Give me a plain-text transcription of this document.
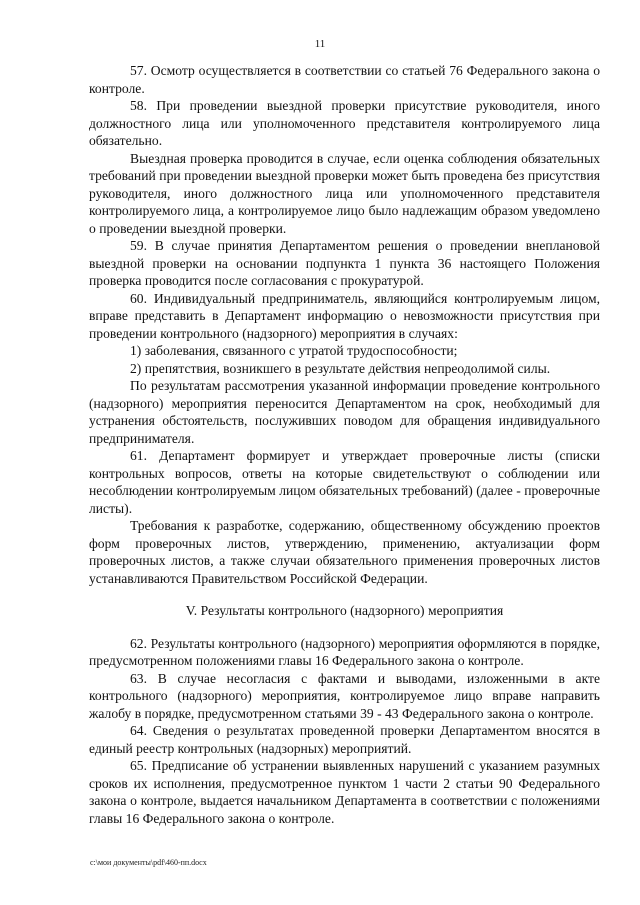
11

57. Осмотр осуществляется в соответствии со статьей 76 Федерального закона о контроле.

58. При проведении выездной проверки присутствие руководителя, иного должностного лица или уполномоченного представителя контролируемого лица обязательно.

Выездная проверка проводится в случае, если оценка соблюдения обязательных требований при проведении выездной проверки может быть проведена без присутствия руководителя, иного должностного лица или уполномоченного представителя контролируемого лица, а контролируемое лицо было надлежащим образом уведомлено о проведении выездной проверки.

59. В случае принятия Департаментом решения о проведении внеплановой выездной проверки на основании подпункта 1 пункта 36 настоящего Положения проверка проводится после согласования с прокуратурой.

60. Индивидуальный предприниматель, являющийся контролируемым лицом, вправе представить в Департамент информацию о невозможности присутствия при проведении контрольного (надзорного) мероприятия в случаях:

1) заболевания, связанного с утратой трудоспособности;

2) препятствия, возникшего в результате действия непреодолимой силы.

По результатам рассмотрения указанной информации проведение контрольного (надзорного) мероприятия переносится Департаментом на срок, необходимый для устранения обстоятельств, послуживших поводом для обращения индивидуального предпринимателя.

61. Департамент формирует и утверждает проверочные листы (списки контрольных вопросов, ответы на которые свидетельствуют о соблюдении или несоблюдении контролируемым лицом обязательных требований) (далее - проверочные листы).

Требования к разработке, содержанию, общественному обсуждению проектов форм проверочных листов, утверждению, применению, актуализации форм проверочных листов, а также случаи обязательного применения проверочных листов устанавливаются Правительством Российской Федерации.

V. Результаты контрольного (надзорного) мероприятия

62. Результаты контрольного (надзорного) мероприятия оформляются в порядке, предусмотренном положениями главы 16 Федерального закона о контроле.

63. В случае несогласия с фактами и выводами, изложенными в акте контрольного (надзорного) мероприятия, контролируемое лицо вправе направить жалобу в порядке, предусмотренном статьями 39 - 43 Федерального закона о контроле.

64. Сведения о результатах проведенной проверки Департаментом вносятся в единый реестр контрольных (надзорных) мероприятий.

65. Предписание об устранении выявленных нарушений с указанием разумных сроков их исполнения, предусмотренное пунктом 1 части 2 статьи 90 Федерального закона о контроле, выдается начальником Департамента в соответствии с положениями главы 16 Федерального закона о контроле.

c:\мои документы\pdf\460-пп.docx
